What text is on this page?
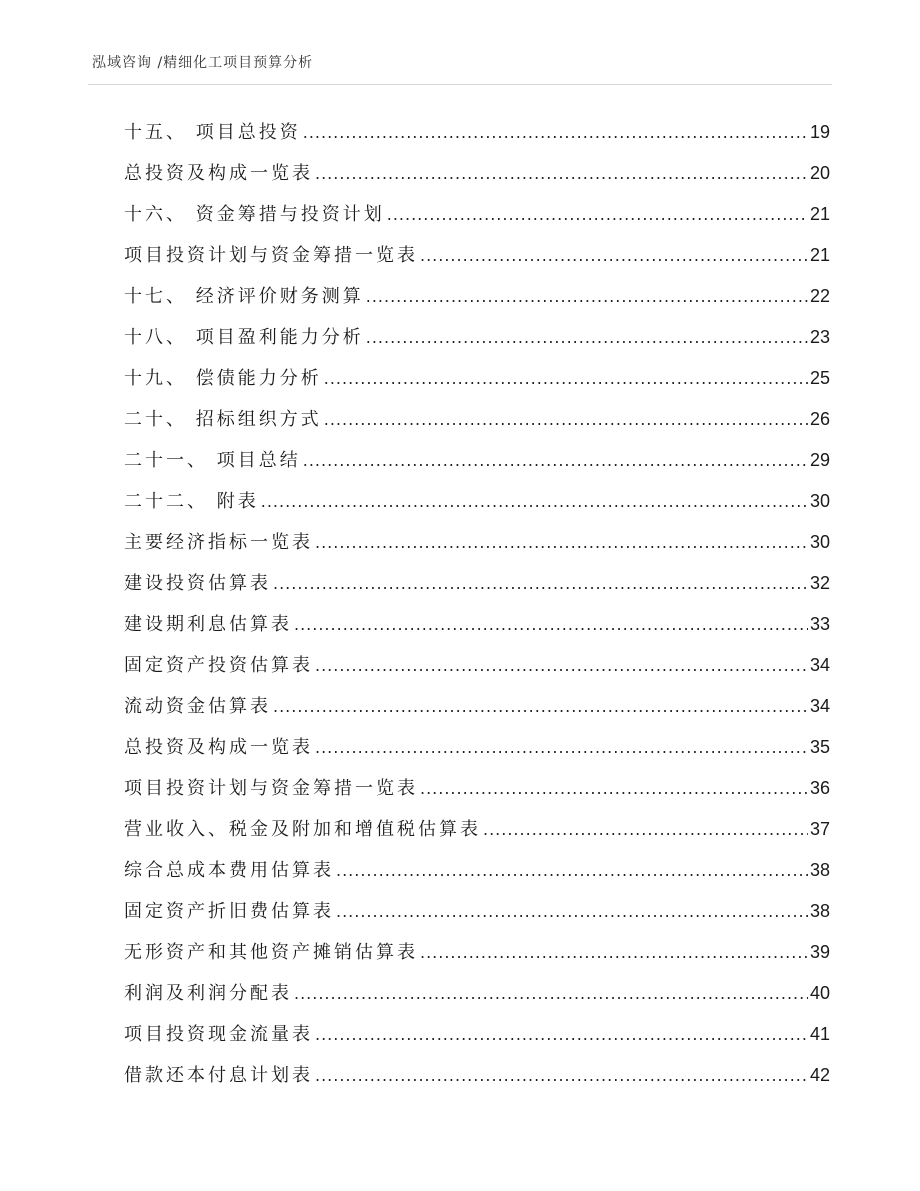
泓域咨询 /精细化工项目预算分析
十五、 项目总投资 .....	19
总投资及构成一览表 .....	20
十六、 资金筹措与投资计划 .....	21
项目投资计划与资金筹措一览表 .....	21
十七、 经济评价财务测算 .....	22
十八、 项目盈利能力分析 .....	23
十九、 偿债能力分析 .....	25
二十、 招标组织方式 .....	26
二十一、 项目总结 .....	29
二十二、 附表 .....	30
主要经济指标一览表 .....	30
建设投资估算表 .....	32
建设期利息估算表 .....	33
固定资产投资估算表 .....	34
流动资金估算表 .....	34
总投资及构成一览表 .....	35
项目投资计划与资金筹措一览表 .....	36
营业收入、税金及附加和增值税估算表 .....	37
综合总成本费用估算表 .....	38
固定资产折旧费估算表 .....	38
无形资产和其他资产摊销估算表 .....	39
利润及利润分配表 .....	40
项目投资现金流量表 .....	41
借款还本付息计划表 .....	42
